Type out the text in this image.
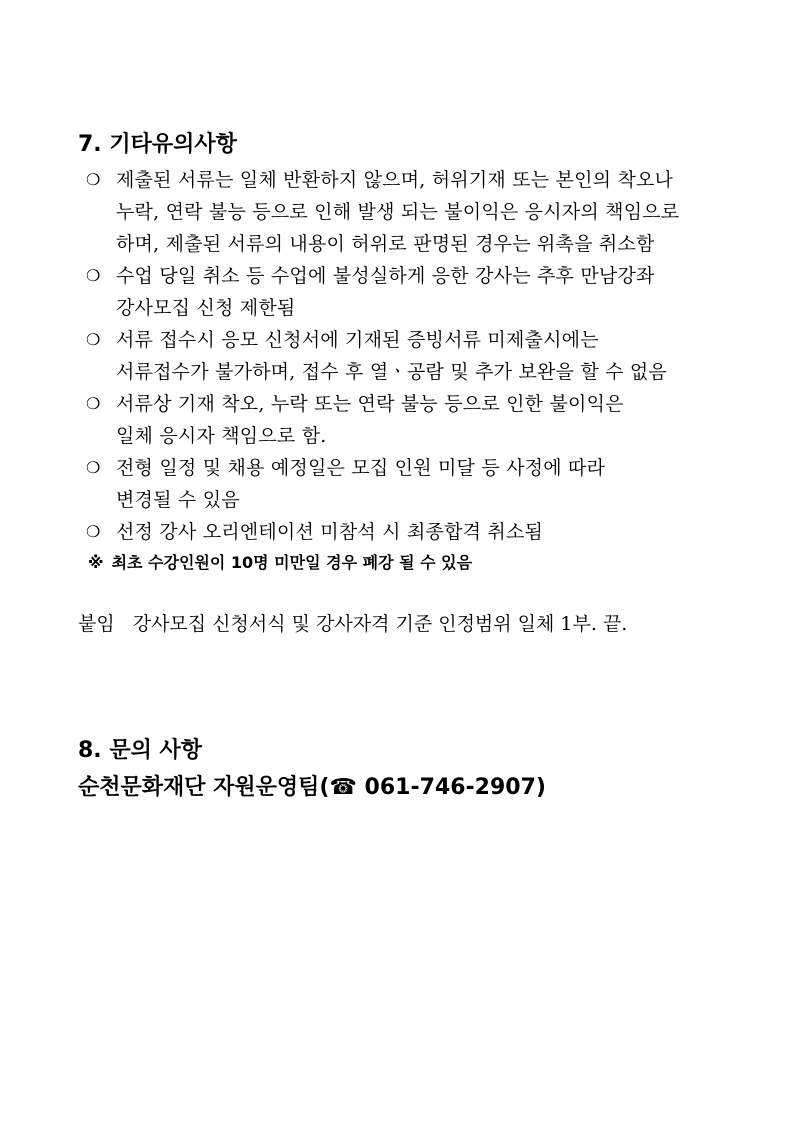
7. 기타유의사항
❍ 제출된 서류는 일체 반환하지 않으며, 허위기재 또는 본인의 착오나
누락, 연락 불능 등으로 인해 발생 되는 불이익은 응시자의 책임으로
하며, 제출된 서류의 내용이 허위로 판명된 경우는 위촉을 취소함
❍ 수업 당일 취소 등 수업에 불성실하게 응한 강사는 추후 만남강좌
강사모집 신청 제한됨
❍ 서류 접수시 응모 신청서에 기재된 증빙서류 미제출시에는
서류접수가 불가하며, 접수 후 열ㆍ공람 및 추가 보완을 할 수 없음
❍ 서류상 기재 착오, 누락 또는 연락 불능 등으로 인한 불이익은
일체 응시자 책임으로 함.
❍ 전형 일정 및 채용 예정일은 모집 인원 미달 등 사정에 따라
변경될 수 있음
❍ 선정 강사 오리엔테이션 미참석 시 최종합격 취소됨
※ 최초 수강인원이 10명 미만일 경우 폐강 될 수 있음
붙임 강사모집 신청서식 및 강사자격 기준 인정범위 일체 1부. 끝.
8. 문의 사항
순천문화재단 자원운영팀(☎ 061-746-2907)
